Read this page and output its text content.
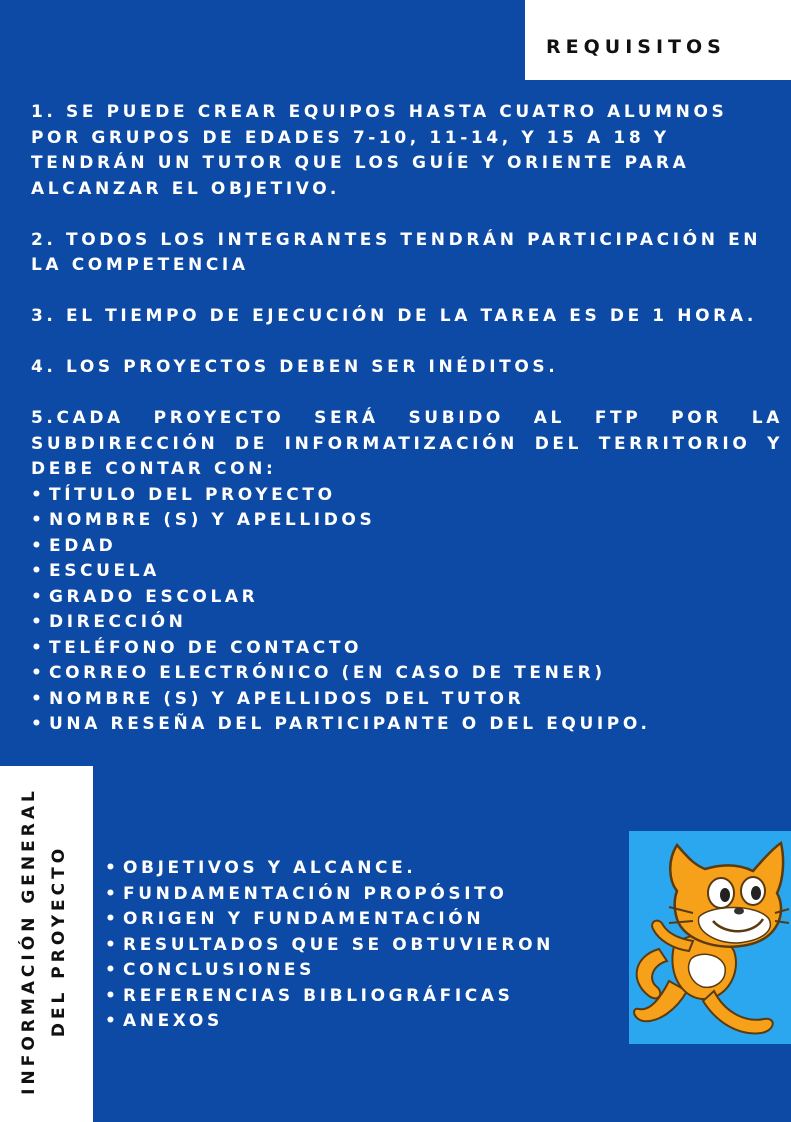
REQUISITOS

1. SE PUEDE CREAR EQUIPOS HASTA CUATRO ALUMNOS POR GRUPOS DE EDADES 7-10, 11-14, Y 15 A 18 Y TENDRÁN UN TUTOR QUE LOS GUÍE Y ORIENTE PARA ALCANZAR EL OBJETIVO.

2. TODOS LOS INTEGRANTES TENDRÁN PARTICIPACIÓN EN LA COMPETENCIA

3. EL TIEMPO DE EJECUCIÓN DE LA TAREA ES DE 1 HORA.

4. LOS PROYECTOS DEBEN SER INÉDITOS.

5.CADA PROYECTO SERÁ SUBIDO AL FTP POR LA SUBDIRECCIÓN DE INFORMATIZACIÓN DEL TERRITORIO Y DEBE CONTAR CON:

• TÍTULO DEL PROYECTO
• NOMBRE (S) Y APELLIDOS
• EDAD
• ESCUELA
• GRADO ESCOLAR
• DIRECCIÓN
• TELÉFONO DE CONTACTO
• CORREO ELECTRÓNICO (EN CASO DE TENER)
• NOMBRE (S) Y APELLIDOS DEL TUTOR
• UNA RESEÑA DEL PARTICIPANTE O DEL EQUIPO.
INFORMACIÓN GENERAL DEL PROYECTO • OBJETIVOS Y ALCANCE.
• FUNDAMENTACIÓN PROPÓSITO
• ORIGEN Y FUNDAMENTACIÓN
• RESULTADOS QUE SE OBTUVIERON
• CONCLUSIONES
• REFERENCIAS BIBLIOGRÁFICAS
• ANEXOS
